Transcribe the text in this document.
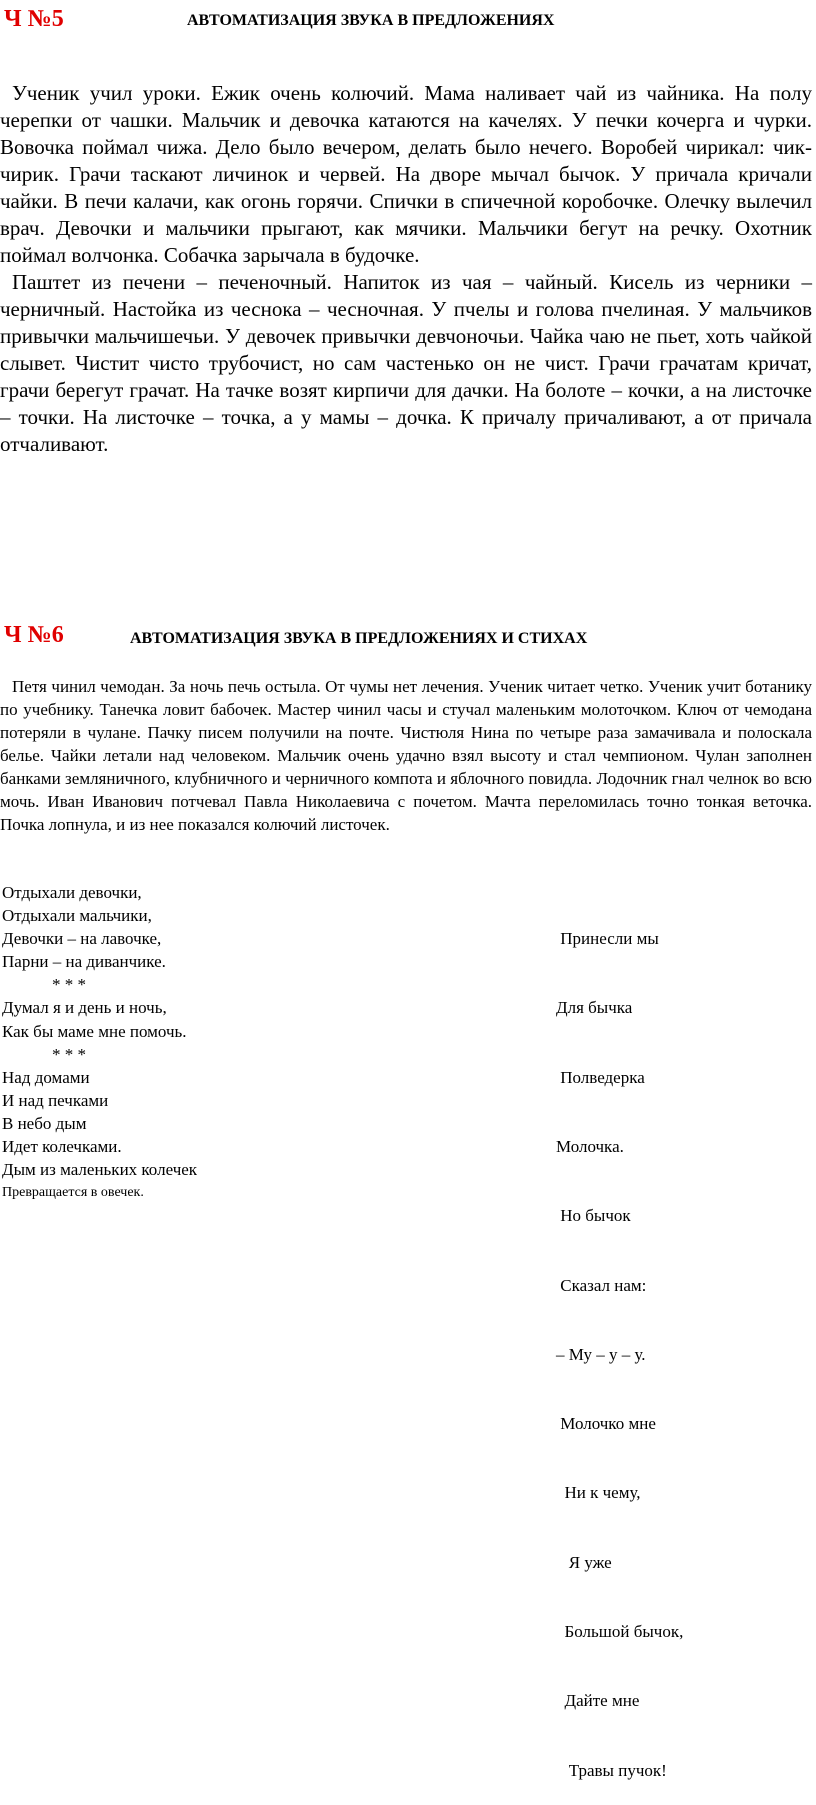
Ч №5	АВТОМАТИЗАЦИЯ ЗВУКА В ПРЕДЛОЖЕНИЯХ

Ученик учил уроки. Ежик очень колючий. Мама наливает чай из чайника. На полу черепки от чашки. Мальчик и девочка катаются на качелях. У печки кочерга и чурки. Вовочка поймал чижа. Дело было вечером, делать было нечего. Воробей чирикал: чик-чирик. Грачи таскают личинок и червей. На дворе мычал бычок. У причала кричали чайки. В печи калачи, как огонь горячи. Спички в спичечной коробочке. Олечку вылечил врач. Девочки и мальчики прыгают, как мячики. Мальчики бегут на речку. Охотник поймал волчонка. Собачка зарычала в будочке.
Паштет из печени – печеночный. Напиток из чая – чайный. Кисель из черники – черничный. Настойка из чеснока – чесночная. У пчелы и голова пчелиная. У мальчиков привычки мальчишечьи. У девочек привычки девчоночьи. Чайка чаю не пьет, хоть чайкой слывет. Чистит чисто трубочист, но сам частенько он не чист. Грачи грачатам кричат, грачи берегут грачат. На тачке возят кирпичи для дачки. На болоте – кочки, а на листочке – точки. На листочке – точка, а у мамы – дочка. К причалу причаливают, а от причала отчаливают.

Ч №6	АВТОМАТИЗАЦИЯ ЗВУКА В ПРЕДЛОЖЕНИЯХ И СТИХАХ

Петя чинил чемодан. За ночь печь остыла. От чумы нет лечения. Ученик читает четко. Ученик учит ботанику по учебнику. Танечка ловит бабочек. Мастер чинил часы и стучал маленьким молоточком. Ключ от чемодана потеряли в чулане. Пачку писем получили на почте. Чистюля Нина по четыре раза замачивала и полоскала белье. Чайки летали над человеком. Мальчик очень удачно взял высоту и стал чемпионом. Чулан заполнен банками земляничного, клубничного и черничного компота и яблочного повидла. Лодочник гнал челнок во всю мочь. Иван Иванович потчевал Павла Николаевича с почетом. Мачта переломилась точно тонкая веточка. Почка лопнула, и из нее показался колючий листочек.

Отдыхали девочки,
Отдыхали мальчики,
Девочки – на лавочке,
Парни – на диванчике.
* * *
Думал я и день и ночь,
Как бы маме мне помочь.
* * *
Над домами
И над печками
В небо дым
Идет колечками.
Дым из маленьких колечек
Превращается в овечек.

Принесли мы

Для бычка

Полведерка

Молочка.

Но бычок

Сказал нам:

– Му – у – у.

Молочко мне

Ни к чему,

Я уже

Большой бычок,

Дайте мне

Травы пучок!
